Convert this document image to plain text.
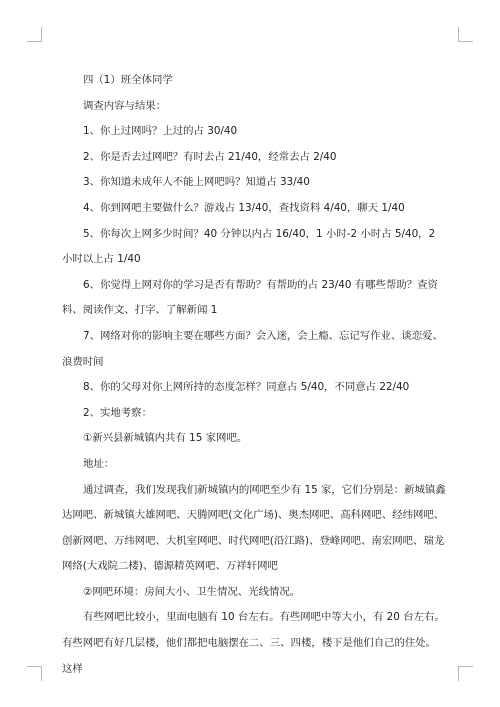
四（1）班全体同学

调查内容与结果：

1、你上过网吗？上过的占 30/40

2、你是否去过网吧？有时去占 21/40，经常去占 2/40

3、你知道未成年人不能上网吧吗？知道占 33/40

4、你到网吧主要做什么？游戏占 13/40，查找资料 4/40，聊天 1/40

5、你每次上网多少时间？40 分钟以内占 16/40，1 小时-2 小时占 5/40，2 小时以上占 1/40

6、你觉得上网对你的学习是否有帮助？有帮助的占 23/40 有哪些帮助？查资料、阅读作文、打字、了解新闻 1

7、网络对你的影响主要在哪些方面？会入迷，会上瘾、忘记写作业、谈恋爱、浪费时间

8、你的父母对你上网所持的态度怎样？同意占 5/40，不同意占 22/40

2、实地考察：

①新兴县新城镇内共有 15 家网吧。

地址：

通过调查，我们发现我们新城镇内的网吧至少有 15 家，它们分别是：新城镇鑫达网吧、新城镇大雄网吧、天腾网吧(文化广场)、奥杰网吧、高科网吧、经纬网吧、创新网吧、万纬网吧、大机室网吧、时代网吧(沿江路)、登峰网吧、南宏网吧、瑞龙网络(大戏院二楼)、德源精英网吧、万祥轩网吧

②网吧环境：房间大小、卫生情况、光线情况。

有些网吧比较小，里面电脑有 10 台左右。有些网吧中等大小，有 20 台左右。有些网吧有好几层楼，他们都把电脑摆在二、三、四楼，楼下是他们自己的住处。这样
